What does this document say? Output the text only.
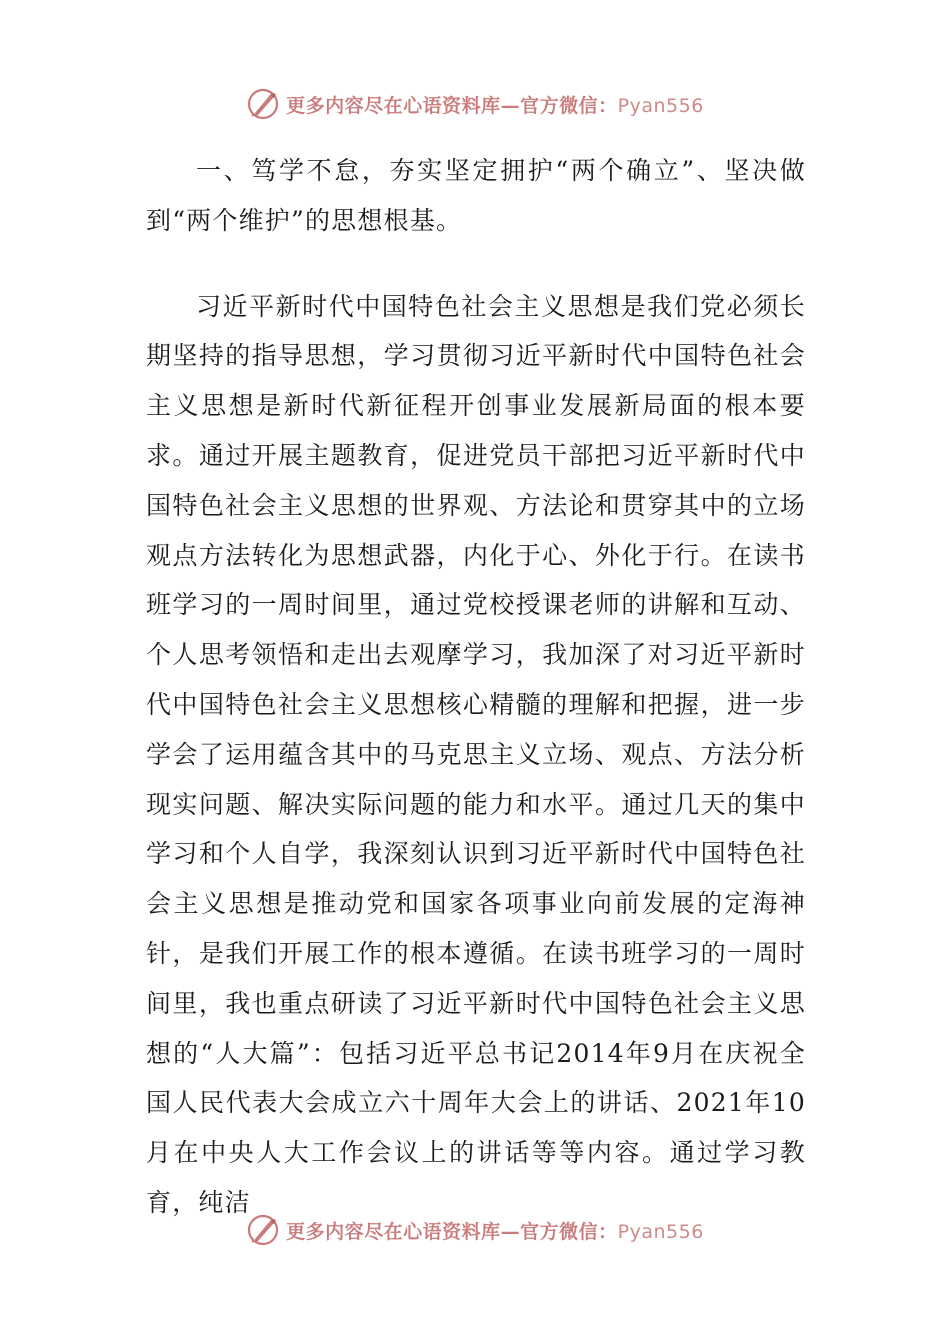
更多内容尽在心语资料库—官方微信：Pyan556

一、笃学不怠，夯实坚定拥护“两个确立”、坚决做到“两个维护”的思想根基。

习近平新时代中国特色社会主义思想是我们党必须长期坚持的指导思想，学习贯彻习近平新时代中国特色社会主义思想是新时代新征程开创事业发展新局面的根本要求。通过开展主题教育，促进党员干部把习近平新时代中国特色社会主义思想的世界观、方法论和贯穿其中的立场观点方法转化为思想武器，内化于心、外化于行。在读书班学习的一周时间里，通过党校授课老师的讲解和互动、个人思考领悟和走出去观摩学习，我加深了对习近平新时代中国特色社会主义思想核心精髓的理解和把握，进一步学会了运用蕴含其中的马克思主义立场、观点、方法分析现实问题、解决实际问题的能力和水平。通过几天的集中学习和个人自学，我深刻认识到习近平新时代中国特色社会主义思想是推动党和国家各项事业向前发展的定海神针，是我们开展工作的根本遵循。在读书班学习的一周时间里，我也重点研读了习近平新时代中国特色社会主义思想的“人大篇”：包括习近平总书记2014年9月在庆祝全国人民代表大会成立六十周年大会上的讲话、2021年10月在中央人大工作会议上的讲话等等内容。通过学习教育，纯洁

更多内容尽在心语资料库—官方微信：Pyan556
